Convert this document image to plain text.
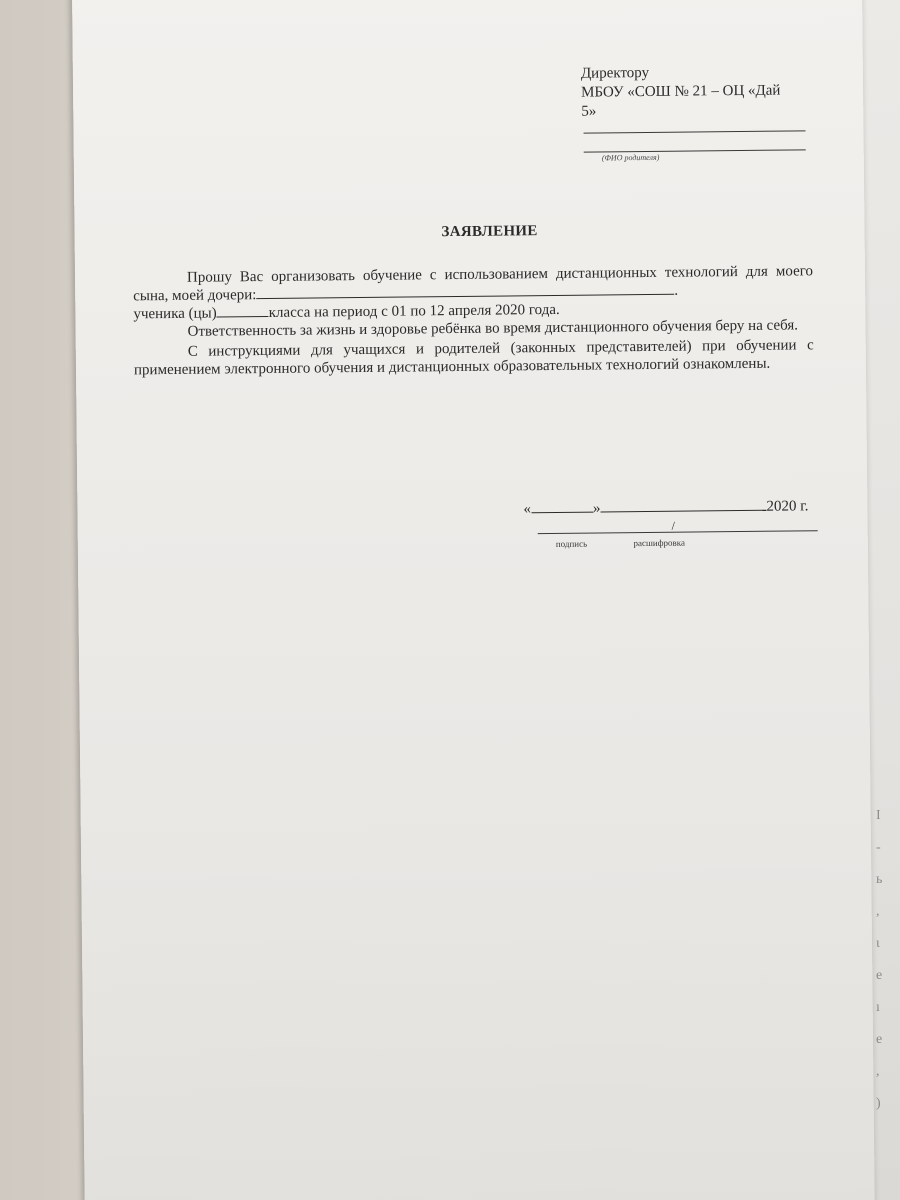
I
-
ь
,
ι
e
ı
e
,
)
Директору
МБОУ «СОШ № 21 – ОЦ «Дай
5»
(ФИО родителя)
ЗАЯВЛЕНИЕ

Прошу Вас организовать обучение с использованием дистанционных технологий для моего сына, моей дочери:	.

ученика (цы)	класса на период с 01 по 12 апреля 2020 года.

Ответственность за жизнь и здоровье ребёнка во время дистанционного обучения беру на себя.

С инструкциями для учащихся и родителей (законных представителей) при обучении с применением электронного обучения и дистанционных образовательных технологий ознакомлены.

«	»	2020 г.
/
подпись	расшифровка
